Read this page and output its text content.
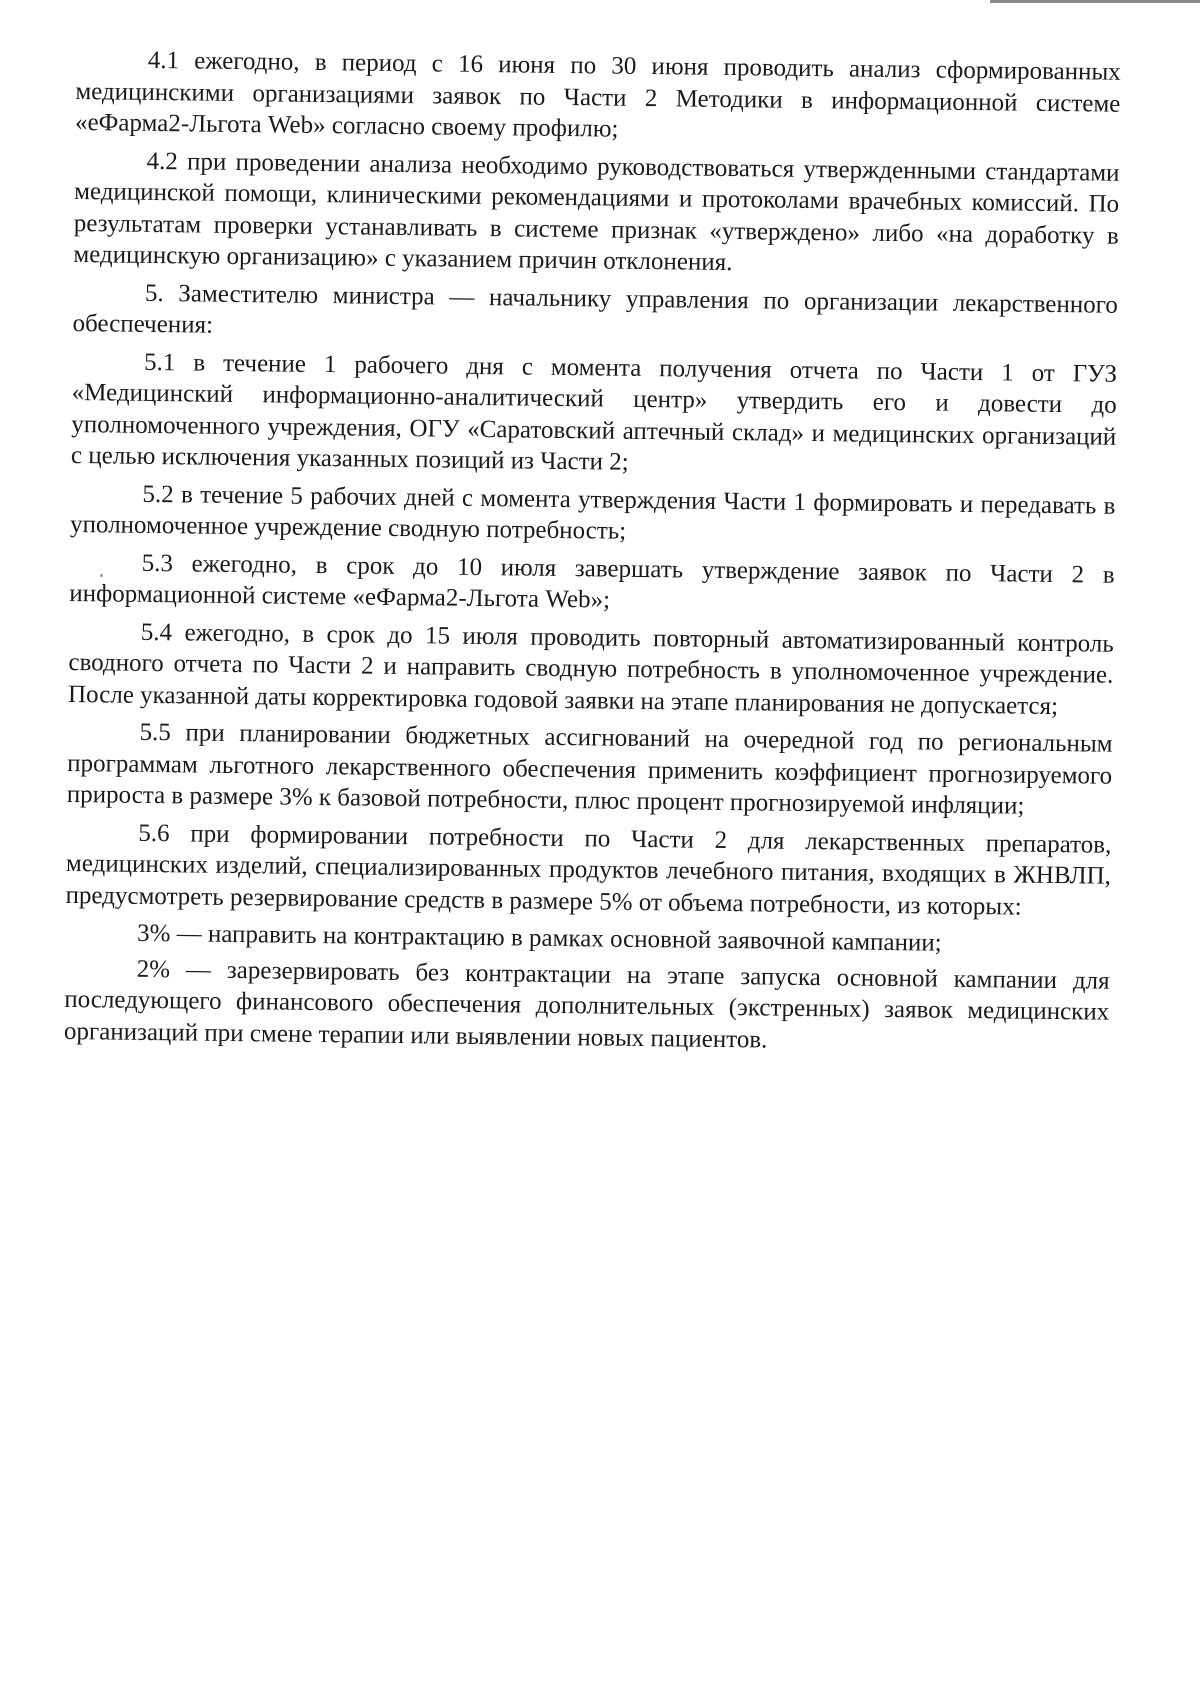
4.1 ежегодно, в период с 16 июня по 30 июня проводить анализ сформированных медицинскими организациями заявок по Части 2 Методики в информационной системе «еФарма2-Льгота Web» согласно своему профилю;

4.2 при проведении анализа необходимо руководствоваться утвержденными стандартами медицинской помощи, клиническими рекомендациями и протоколами врачебных комиссий. По результатам проверки устанавливать в системе признак «утверждено» либо «на доработку в медицинскую организацию» с указанием причин отклонения.

5. Заместителю министра — начальнику управления по организации лекарственного обеспечения:

5.1 в течение 1 рабочего дня с момента получения отчета по Части 1 от ГУЗ «Медицинский информационно-аналитический центр» утвердить его и довести до уполномоченного учреждения, ОГУ «Саратовский аптечный склад» и медицинских организаций с целью исключения указанных позиций из Части 2;

5.2 в течение 5 рабочих дней с момента утверждения Части 1 формировать и передавать в уполномоченное учреждение сводную потребность;

5.3 ежегодно, в срок до 10 июля завершать утверждение заявок по Части 2 в информационной системе «еФарма2-Льгота Web»;

5.4 ежегодно, в срок до 15 июля проводить повторный автоматизированный контроль сводного отчета по Части 2 и направить сводную потребность в уполномоченное учреждение. После указанной даты корректировка годовой заявки на этапе планирования не допускается;

5.5 при планировании бюджетных ассигнований на очередной год по региональным программам льготного лекарственного обеспечения применить коэффициент прогнозируемого прироста в размере 3% к базовой потребности, плюс процент прогнозируемой инфляции;

5.6 при формировании потребности по Части 2 для лекарственных препаратов, медицинских изделий, специализированных продуктов лечебного питания, входящих в ЖНВЛП, предусмотреть резервирование средств в размере 5% от объема потребности, из которых:

3% — направить на контрактацию в рамках основной заявочной кампании;

2% — зарезервировать без контрактации на этапе запуска основной кампании для последующего финансового обеспечения дополнительных (экстренных) заявок медицинских организаций при смене терапии или выявлении новых пациентов.
